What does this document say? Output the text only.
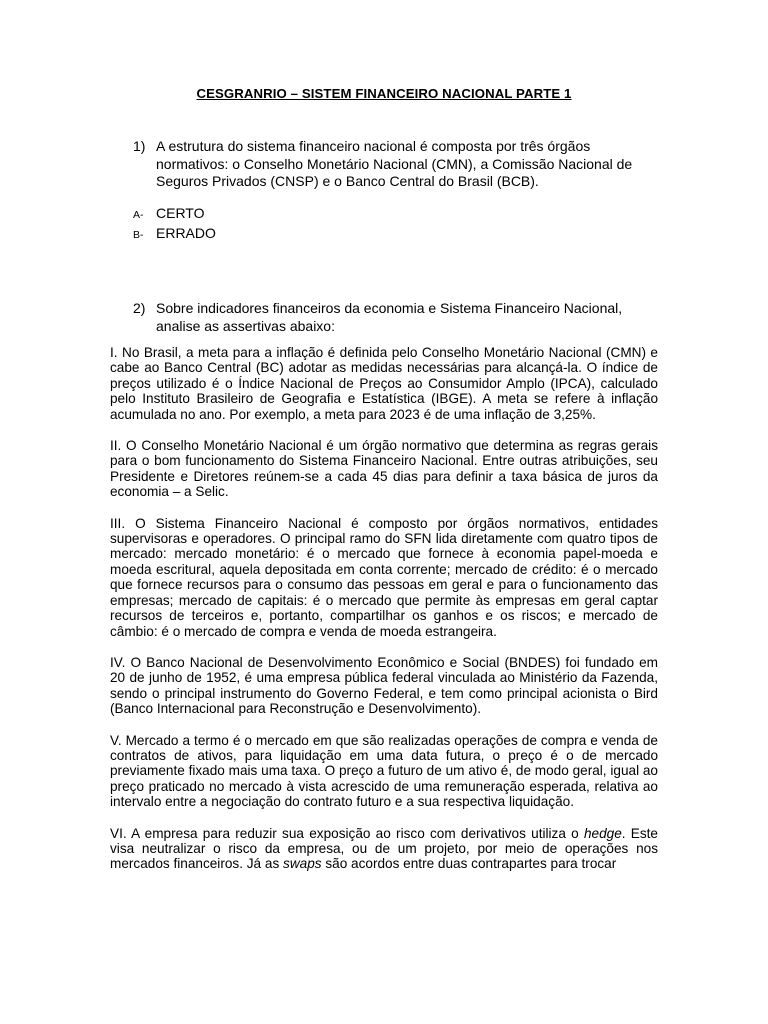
CESGRANRIO – SISTEM FINANCEIRO NACIONAL PARTE 1
1) A estrutura do sistema financeiro nacional é composta por três órgãos normativos: o Conselho Monetário Nacional (CMN), a Comissão Nacional de Seguros Privados (CNSP) e o Banco Central do Brasil (BCB).
A- CERTO
B- ERRADO
2) Sobre indicadores financeiros da economia e Sistema Financeiro Nacional, analise as assertivas abaixo:

I. No Brasil, a meta para a inflação é definida pelo Conselho Monetário Nacional (CMN) e cabe ao Banco Central (BC) adotar as medidas necessárias para alcançá-la. O índice de preços utilizado é o Índice Nacional de Preços ao Consumidor Amplo (IPCA), calculado pelo Instituto Brasileiro de Geografia e Estatística (IBGE). A meta se refere à inflação acumulada no ano. Por exemplo, a meta para 2023 é de uma inflação de 3,25%.

II. O Conselho Monetário Nacional é um órgão normativo que determina as regras gerais para o bom funcionamento do Sistema Financeiro Nacional. Entre outras atribuições, seu Presidente e Diretores reúnem-se a cada 45 dias para definir a taxa básica de juros da economia – a Selic.

III. O Sistema Financeiro Nacional é composto por órgãos normativos, entidades supervisoras e operadores. O principal ramo do SFN lida diretamente com quatro tipos de mercado: mercado monetário: é o mercado que fornece à economia papel-moeda e moeda escritural, aquela depositada em conta corrente; mercado de crédito: é o mercado que fornece recursos para o consumo das pessoas em geral e para o funcionamento das empresas; mercado de capitais: é o mercado que permite às empresas em geral captar recursos de terceiros e, portanto, compartilhar os ganhos e os riscos; e mercado de câmbio: é o mercado de compra e venda de moeda estrangeira.

IV. O Banco Nacional de Desenvolvimento Econômico e Social (BNDES) foi fundado em 20 de junho de 1952, é uma empresa pública federal vinculada ao Ministério da Fazenda, sendo o principal instrumento do Governo Federal, e tem como principal acionista o Bird (Banco Internacional para Reconstrução e Desenvolvimento).

V. Mercado a termo é o mercado em que são realizadas operações de compra e venda de contratos de ativos, para liquidação em uma data futura, o preço é o de mercado previamente fixado mais uma taxa. O preço a futuro de um ativo é, de modo geral, igual ao preço praticado no mercado à vista acrescido de uma remuneração esperada, relativa ao intervalo entre a negociação do contrato futuro e a sua respectiva liquidação.

VI. A empresa para reduzir sua exposição ao risco com derivativos utiliza o hedge. Este visa neutralizar o risco da empresa, ou de um projeto, por meio de operações nos mercados financeiros. Já as swaps são acordos entre duas contrapartes para trocar
